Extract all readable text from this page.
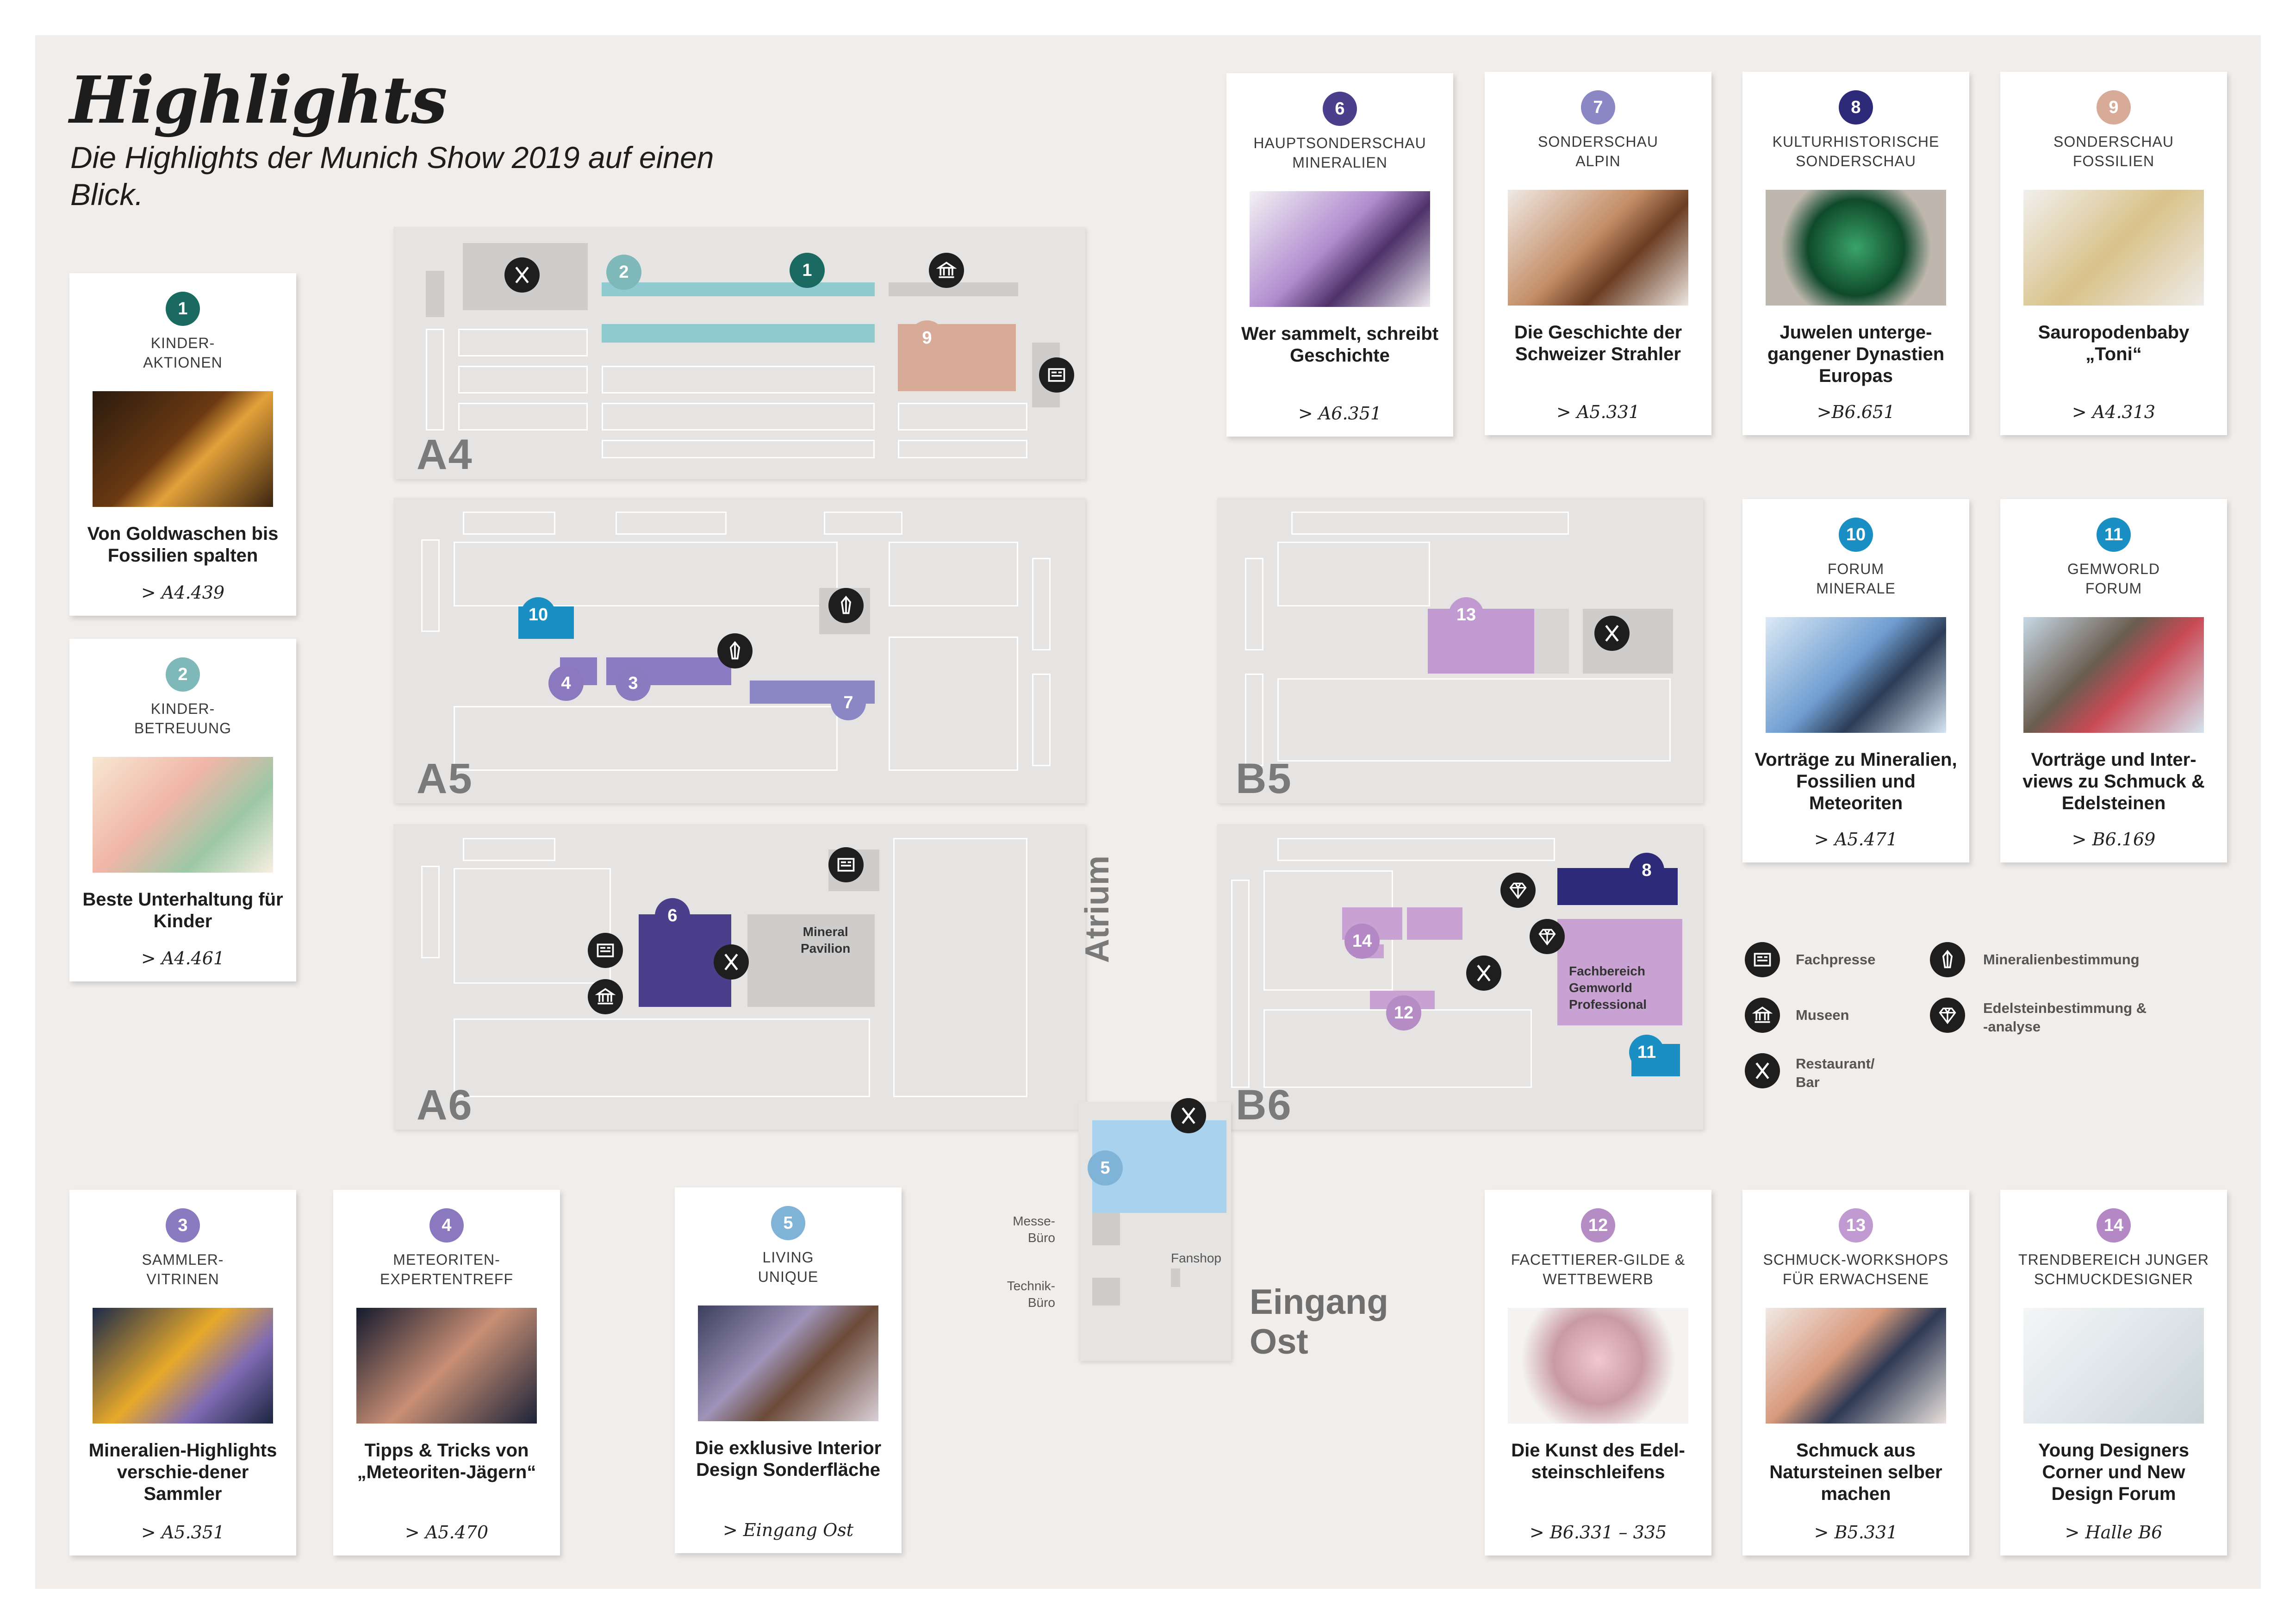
Highlights
Die Highlights der Munich Show 2019 auf einen Blick.
A4
A5
Mineral
Pavilion
A6
B5
Fachbereich
Gemworld
Professional
B6
Atrium
Messe-
Büro
Technik-
Büro
Fanshop
Eingang
Ost
1
2
9
10
4	3
7
6
13
8
14
12
11
5
1
KINDER-
AKTIONEN
Von Goldwaschen bis Fossilien spalten
> A4.439
2
KINDER-
BETREUUNG
Beste Unterhaltung für Kinder
> A4.461
6
HAUPTSONDERSCHAU
MINERALIEN
Wer sammelt, schreibt Geschichte
> A6.351
7
SONDERSCHAU
ALPIN
Die Geschichte der Schweizer Strahler
> A5.331
8
KULTURHISTORISCHE
SONDERSCHAU
Juwelen unterge-gangener Dynastien Europas
>B6.651
9
SONDERSCHAU
FOSSILIEN
Sauropodenbaby „Toni“
> A4.313
10
FORUM
MINERALE
Vorträge zu Mineralien, Fossilien und Meteoriten
> A5.471
11
GEMWORLD
FORUM
Vorträge und Inter-views zu Schmuck & Edelsteinen
> B6.169
3
SAMMLER-
VITRINEN
Mineralien-Highlights verschie-dener Sammler
> A5.351
4
METEORITEN-
EXPERTENTREFF
Tipps & Tricks von „Meteoriten-Jägern“
> A5.470
5
LIVING
UNIQUE
Die exklusive Interior Design Sonderfläche
> Eingang Ost
12
FACETTIERER-GILDE &
WETTBEWERB
Die Kunst des Edel-steinschleifens
> B6.331 – 335
13
SCHMUCK-WORKSHOPS
FÜR ERWACHSENE
Schmuck aus Natursteinen selber machen
> B5.331
14
TRENDBEREICH JUNGER
SCHMUCKDESIGNER
Young Designers Corner und New Design Forum
> Halle B6
Fachpresse
Museen
Restaurant/
Bar
Mineralienbestimmung
Edelsteinbestimmung &
-analyse
